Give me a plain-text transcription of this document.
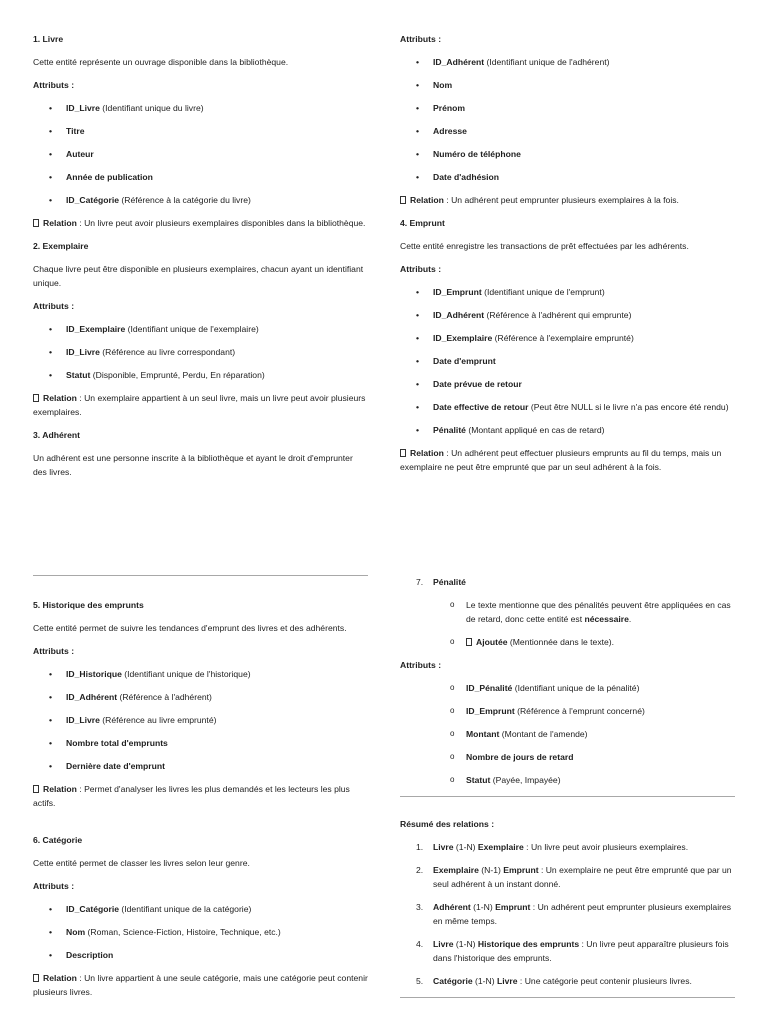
1. Livre

Cette entité représente un ouvrage disponible dans la bibliothèque.

Attributs :
• ID_Livre (Identifiant unique du livre)
• Titre
• Auteur
• Année de publication
• ID_Catégorie (Référence à la catégorie du livre)

Relation : Un livre peut avoir plusieurs exemplaires disponibles dans la bibliothèque.

2. Exemplaire

Chaque livre peut être disponible en plusieurs exemplaires, chacun ayant un identifiant unique.

Attributs :
• ID_Exemplaire (Identifiant unique de l'exemplaire)
• ID_Livre (Référence au livre correspondant)
• Statut (Disponible, Emprunté, Perdu, En réparation)

Relation : Un exemplaire appartient à un seul livre, mais un livre peut avoir plusieurs exemplaires.

3. Adhérent

Un adhérent est une personne inscrite à la bibliothèque et ayant le droit d'emprunter des livres.

Attributs :
• ID_Adhérent (Identifiant unique de l'adhérent)
• Nom
• Prénom
• Adresse
• Numéro de téléphone
• Date d'adhésion

Relation : Un adhérent peut emprunter plusieurs exemplaires à la fois.

4. Emprunt

Cette entité enregistre les transactions de prêt effectuées par les adhérents.

Attributs :
• ID_Emprunt (Identifiant unique de l'emprunt)
• ID_Adhérent (Référence à l'adhérent qui emprunte)
• ID_Exemplaire (Référence à l'exemplaire emprunté)
• Date d'emprunt
• Date prévue de retour
• Date effective de retour (Peut être NULL si le livre n'a pas encore été rendu)
• Pénalité (Montant appliqué en cas de retard)

Relation : Un adhérent peut effectuer plusieurs emprunts au fil du temps, mais un exemplaire ne peut être emprunté que par un seul adhérent à la fois.

5. Historique des emprunts

Cette entité permet de suivre les tendances d'emprunt des livres et des adhérents.

Attributs :
• ID_Historique (Identifiant unique de l'historique)
• ID_Adhérent (Référence à l'adhérent)
• ID_Livre (Référence au livre emprunté)
• Nombre total d'emprunts
• Dernière date d'emprunt

Relation : Permet d'analyser les livres les plus demandés et les lecteurs les plus actifs.

6. Catégorie

Cette entité permet de classer les livres selon leur genre.

Attributs :
• ID_Catégorie (Identifiant unique de la catégorie)
• Nom (Roman, Science-Fiction, Histoire, Technique, etc.)
• Description

Relation : Un livre appartient à une seule catégorie, mais une catégorie peut contenir plusieurs livres.

7. Pénalité
o Le texte mentionne que des pénalités peuvent être appliquées en cas de retard, donc cette entité est nécessaire.
o Ajoutée (Mentionnée dans le texte).
Attributs :
o ID_Pénalité (Identifiant unique de la pénalité)
o ID_Emprunt (Référence à l'emprunt concerné)
o Montant (Montant de l'amende)
o Nombre de jours de retard
o Statut (Payée, Impayée)
Résumé des relations :
1. Livre (1-N) Exemplaire : Un livre peut avoir plusieurs exemplaires.
2. Exemplaire (N-1) Emprunt : Un exemplaire ne peut être emprunté que par un seul adhérent à un instant donné.
3. Adhérent (1-N) Emprunt : Un adhérent peut emprunter plusieurs exemplaires en même temps.
4. Livre (1-N) Historique des emprunts : Un livre peut apparaître plusieurs fois dans l'historique des emprunts.
5. Catégorie (1-N) Livre : Une catégorie peut contenir plusieurs livres.
